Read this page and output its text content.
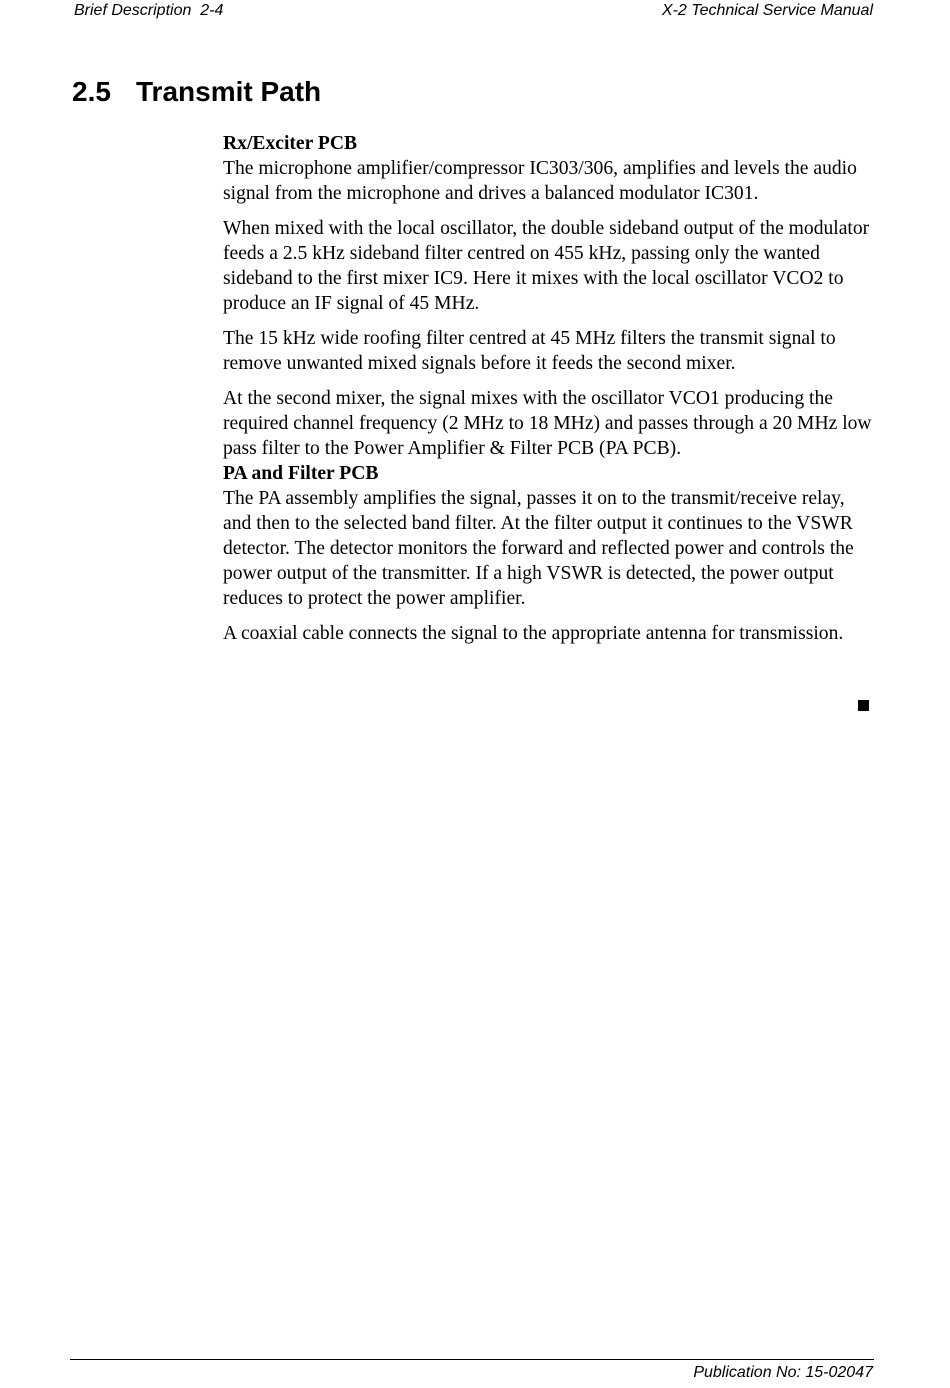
Brief Description  2-4	X-2 Technical Service Manual
2.5 Transmit Path

Rx/Exciter PCB

The microphone amplifier/compressor IC303/306, amplifies and levels the audio signal from the microphone and drives a balanced modulator IC301.

When mixed with the local oscillator, the double sideband output of the modulator feeds a 2.5 kHz sideband filter centred on 455 kHz, passing only the wanted sideband to the first mixer IC9. Here it mixes with the local oscillator VCO2 to produce an IF signal of 45 MHz.

The 15 kHz wide roofing filter centred at 45 MHz filters the transmit signal to remove unwanted mixed signals before it feeds the second mixer.

At the second mixer, the signal mixes with the oscillator VCO1 producing the required channel frequency (2 MHz to 18 MHz) and passes through a 20 MHz low pass filter to the Power Amplifier & Filter PCB (PA PCB).

PA and Filter PCB

The PA assembly amplifies the signal, passes it on to the transmit/receive relay, and then to the selected band filter. At the filter output it continues to the VSWR detector. The detector monitors the forward and reflected power and controls the power output of the transmitter. If a high VSWR is detected, the power output reduces to protect the power amplifier.

A coaxial cable connects the signal to the appropriate antenna for transmission.

Publication No: 15-02047
